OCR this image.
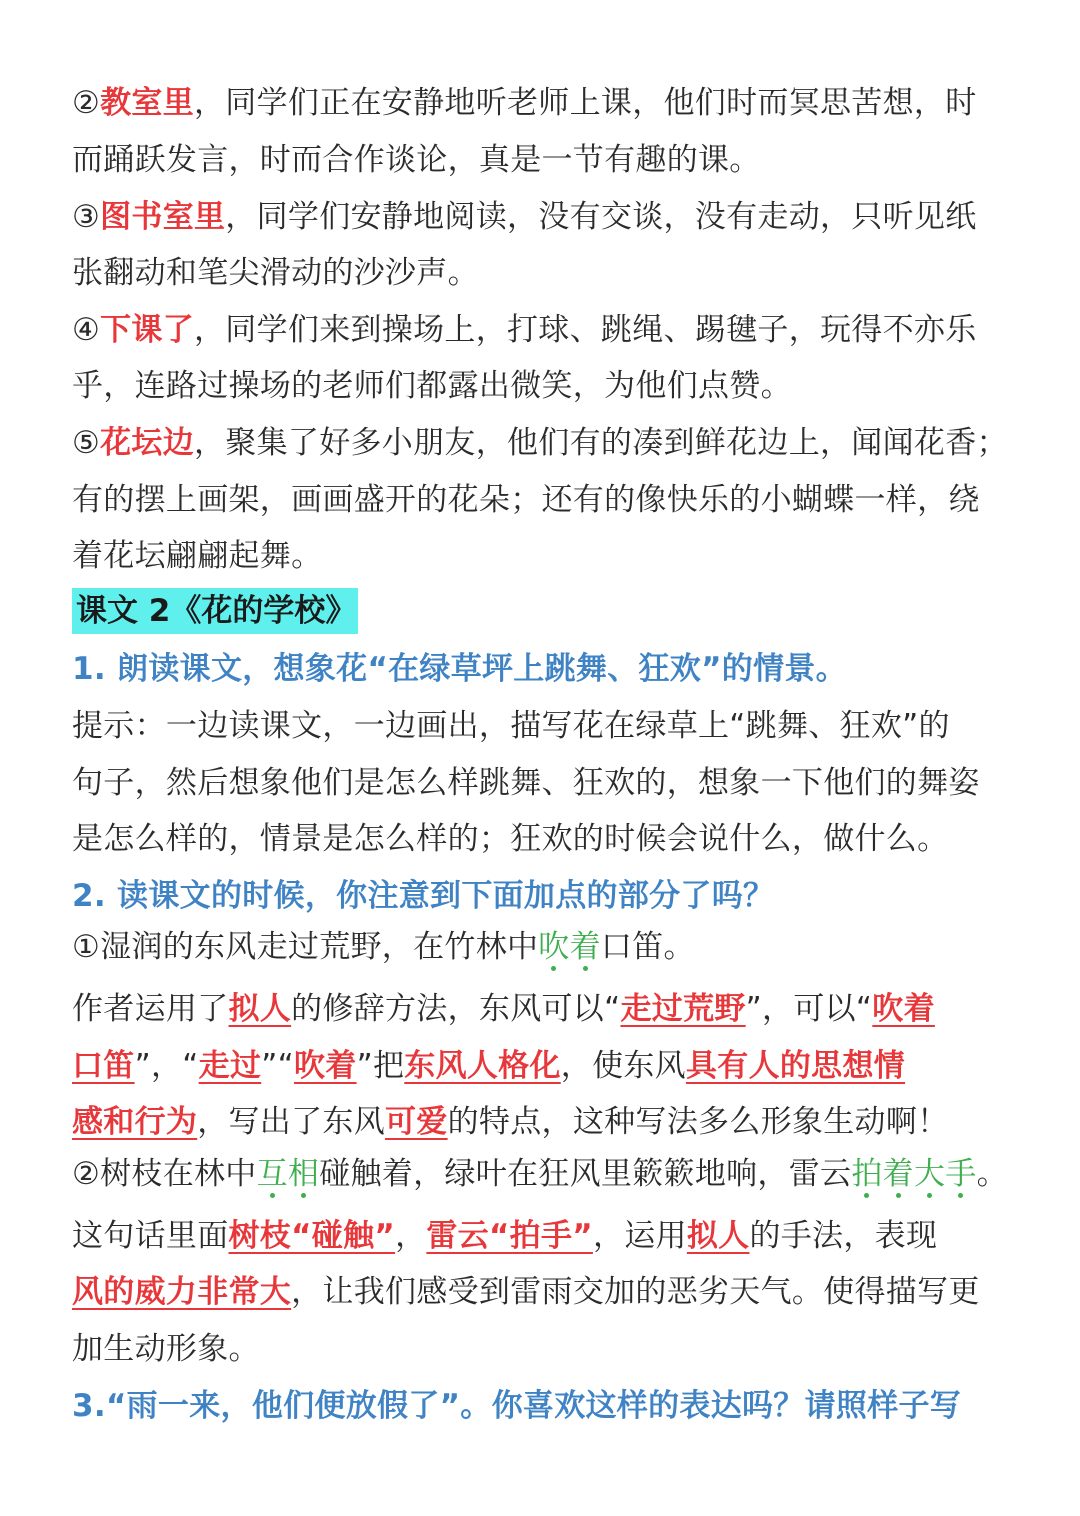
②教室里，同学们正在安静地听老师上课，他们时而冥思苦想，时

而踊跃发言，时而合作谈论，真是一节有趣的课。

③图书室里，同学们安静地阅读，没有交谈，没有走动，只听见纸

张翻动和笔尖滑动的沙沙声。

④下课了，同学们来到操场上，打球、跳绳、踢毽子，玩得不亦乐

乎，连路过操场的老师们都露出微笑，为他们点赞。

⑤花坛边，聚集了好多小朋友，他们有的凑到鲜花边上，闻闻花香；

有的摆上画架，画画盛开的花朵；还有的像快乐的小蝴蝶一样，绕

着花坛翩翩起舞。

课文 2《花的学校》

1. 朗读课文，想象花“在绿草坪上跳舞、狂欢”的情景。

提示：一边读课文，一边画出，描写花在绿草上“跳舞、狂欢”的

句子，然后想象他们是怎么样跳舞、狂欢的，想象一下他们的舞姿

是怎么样的，情景是怎么样的；狂欢的时候会说什么，做什么。

2. 读课文的时候，你注意到下面加点的部分了吗？

①湿润的东风走过荒野，在竹林中吹着口笛。

作者运用了拟人的修辞方法，东风可以“走过荒野”，可以“吹着

口笛”，“走过”“吹着”把东风人格化，使东风具有人的思想情

感和行为，写出了东风可爱的特点，这种写法多么形象生动啊！

②树枝在林中互相碰触着，绿叶在狂风里簌簌地响，雷云拍着大手。

这句话里面树枝“碰触”，雷云“拍手”，运用拟人的手法，表现

风的威力非常大，让我们感受到雷雨交加的恶劣天气。使得描写更

加生动形象。

3.“雨一来，他们便放假了”。你喜欢这样的表达吗？请照样子写
